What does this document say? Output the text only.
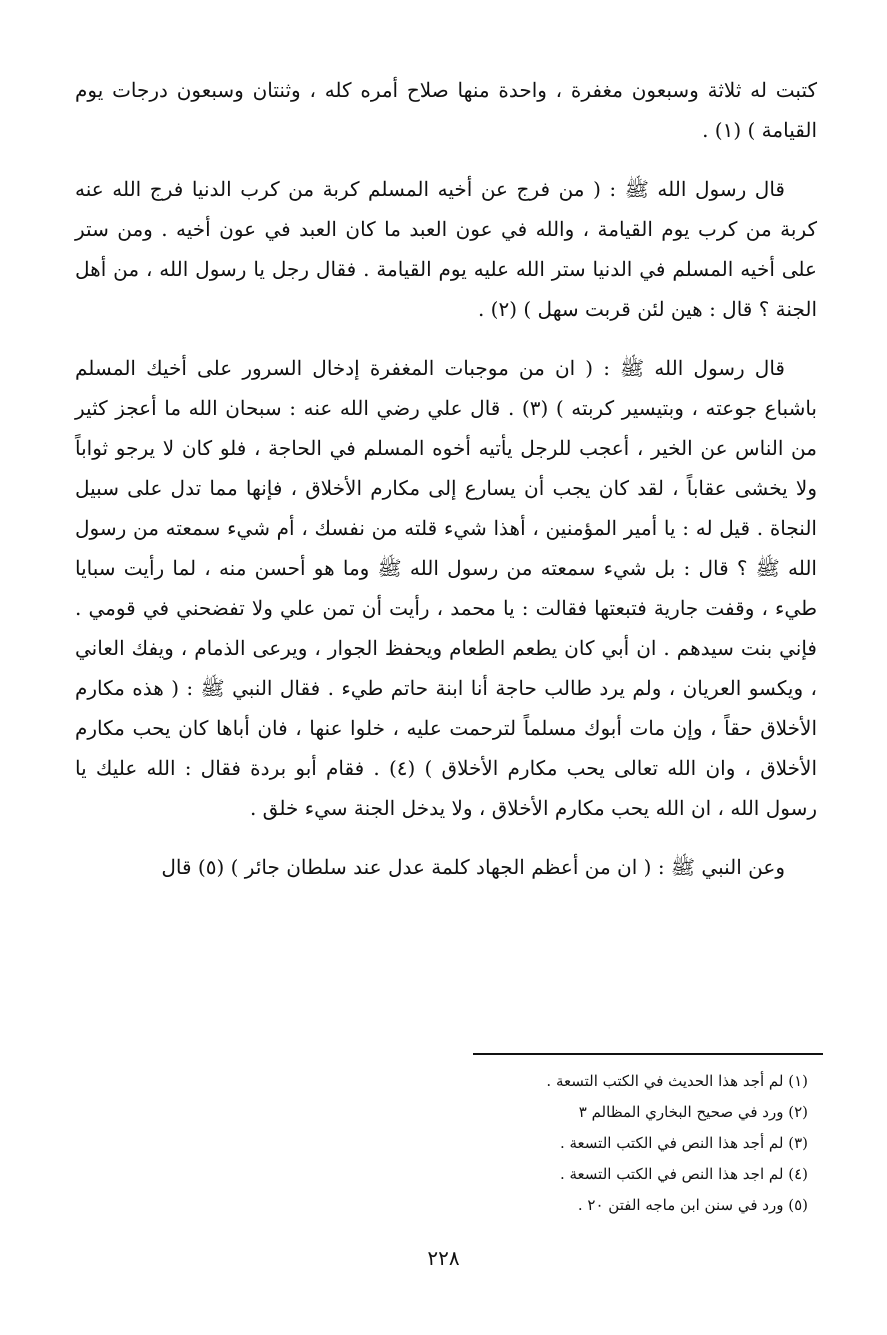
كتبت له ثلاثة وسبعون مغفرة ، واحدة منها صلاح أمره كله ، وثنتان وسبعون درجات يوم القيامة ) (١) .

قال رسول الله ﷺ : ( من فرج عن أخيه المسلم كربة من كرب الدنيا فرج الله عنه كربة من كرب يوم القيامة ، والله في عون العبد ما كان العبد في عون أخيه . ومن ستر على أخيه المسلم في الدنيا ستر الله عليه يوم القيامة . فقال رجل يا رسول الله ، من أهل الجنة ؟ قال : هين لئن قربت سهل ) (٢) .

قال رسول الله ﷺ : ( ان من موجبات المغفرة إدخال السرور على أخيك المسلم باشباع جوعته ، وبتيسير كربته ) (٣) . قال علي رضي الله عنه : سبحان الله ما أعجز كثير من الناس عن الخير ، أعجب للرجل يأتيه أخوه المسلم في الحاجة ، فلو كان لا يرجو ثواباً ولا يخشى عقاباً ، لقد كان يجب أن يسارع إلى مكارم الأخلاق ، فإنها مما تدل على سبيل النجاة . قيل له : يا أمير المؤمنين ، أهذا شيء قلته من نفسك ، أم شيء سمعته من رسول الله ﷺ ؟ قال : بل شيء سمعته من رسول الله ﷺ وما هو أحسن منه ، لما رأيت سبايا طيء ، وقفت جارية فتبعتها فقالت : يا محمد ، رأيت أن تمن علي ولا تفضحني في قومي . فإني بنت سيدهم . ان أبي كان يطعم الطعام ويحفظ الجوار ، ويرعى الذمام ، ويفك العاني ، ويكسو العريان ، ولم يرد طالب حاجة أنا ابنة حاتم طيء . فقال النبي ﷺ : ( هذه مكارم الأخلاق حقاً ، وإن مات أبوك مسلماً لترحمت عليه ، خلوا عنها ، فان أباها كان يحب مكارم الأخلاق ، وان الله تعالى يحب مكارم الأخلاق ) (٤) . فقام أبو بردة فقال : الله عليك يا رسول الله ، ان الله يحب مكارم الأخلاق ، ولا يدخل الجنة سيء خلق .

وعن النبي ﷺ : ( ان من أعظم الجهاد كلمة عدل عند سلطان جائر ) (٥) قال

(١) لم أجد هذا الحديث في الكتب التسعة .
(٢) ورد في صحيح البخاري المظالم ٣
(٣) لم أجد هذا النص في الكتب التسعة .
(٤) لم اجد هذا النص في الكتب التسعة .
(٥) ورد في سنن ابن ماجه الفتن ٢٠ .
٢٢٨
